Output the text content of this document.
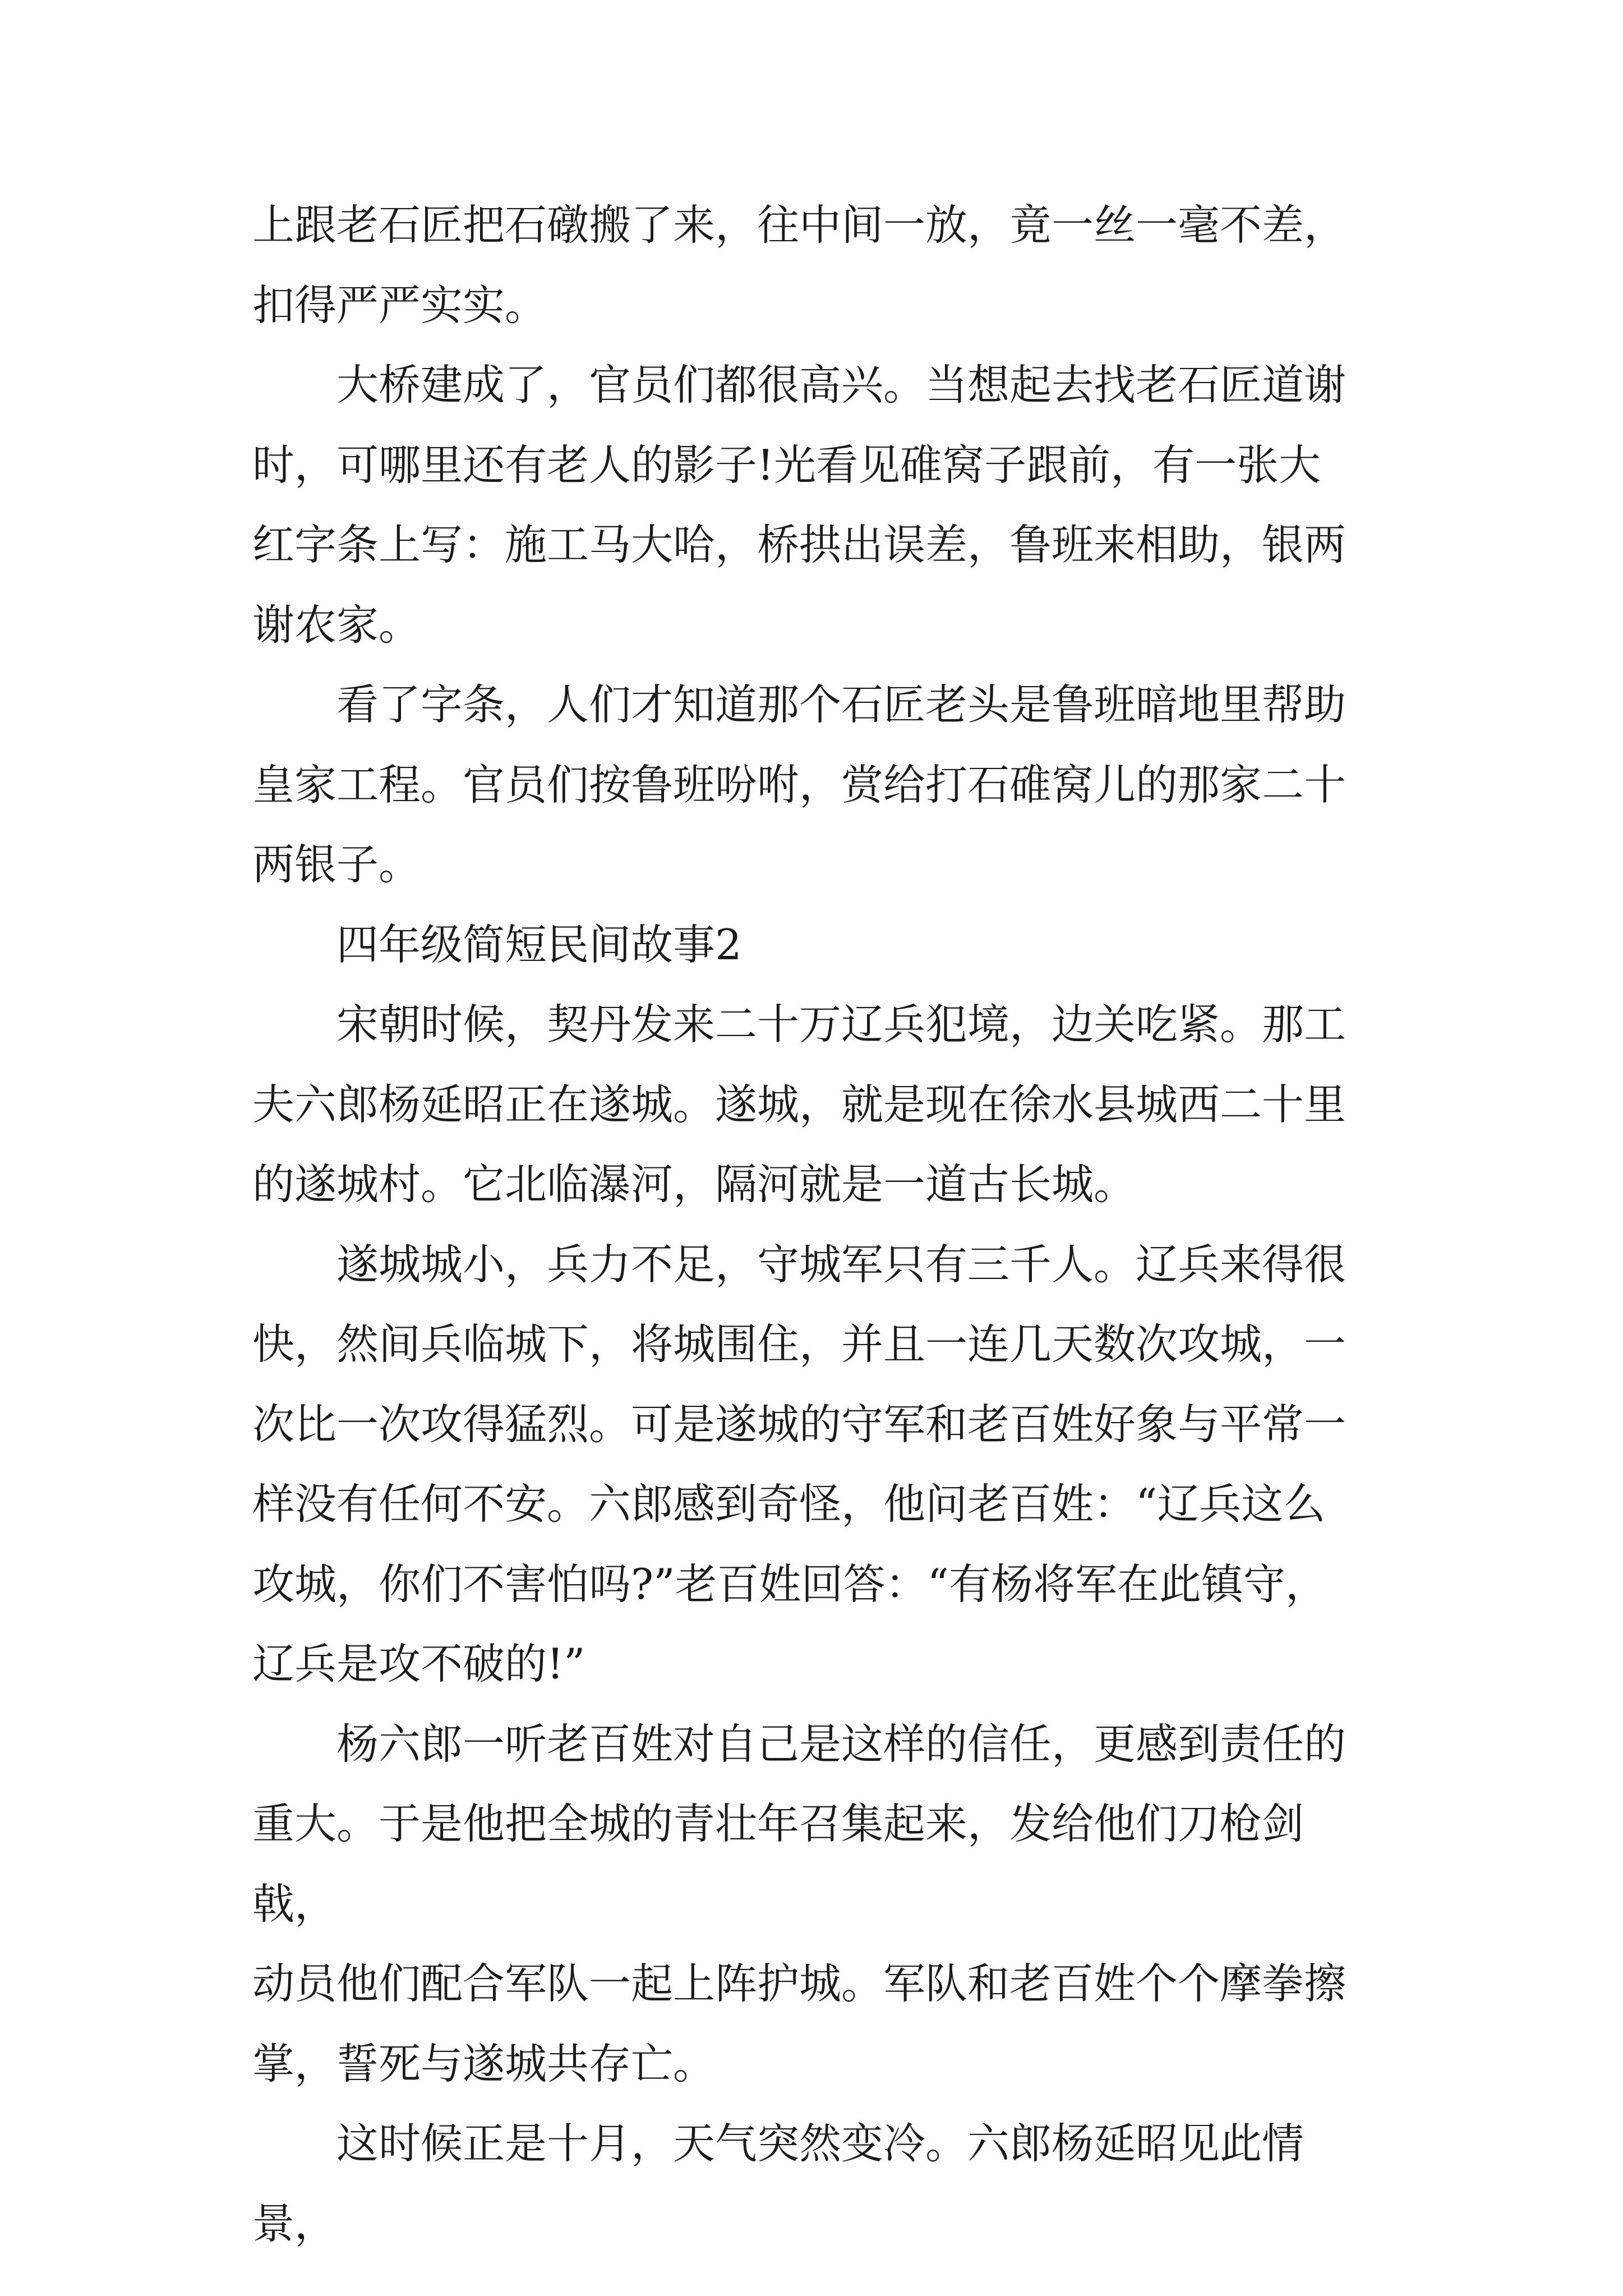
上跟老石匠把石礅搬了来，往中间一放，竟一丝一毫不差，
扣得严严实实。

　　大桥建成了，官员们都很高兴。当想起去找老石匠道谢
时，可哪里还有老人的影子!光看见碓窝子跟前，有一张大
红字条上写：施工马大哈，桥拱出误差，鲁班来相助，银两
谢农家。

　　看了字条，人们才知道那个石匠老头是鲁班暗地里帮助
皇家工程。官员们按鲁班吩咐，赏给打石碓窝儿的那家二十
两银子。

　　四年级简短民间故事2

　　宋朝时候，契丹发来二十万辽兵犯境，边关吃紧。那工
夫六郎杨延昭正在遂城。遂城，就是现在徐水县城西二十里
的遂城村。它北临瀑河，隔河就是一道古长城。

　　遂城城小，兵力不足，守城军只有三千人。辽兵来得很
快，然间兵临城下，将城围住，并且一连几天数次攻城，一
次比一次攻得猛烈。可是遂城的守军和老百姓好象与平常一
样没有任何不安。六郎感到奇怪，他问老百姓：“辽兵这么
攻城，你们不害怕吗?”老百姓回答：“有杨将军在此镇守，
辽兵是攻不破的!”

　　杨六郎一听老百姓对自己是这样的信任，更感到责任的
重大。于是他把全城的青壮年召集起来，发给他们刀枪剑戟，
动员他们配合军队一起上阵护城。军队和老百姓个个摩拳擦
掌，誓死与遂城共存亡。

　　这时候正是十月，天气突然变冷。六郎杨延昭见此情景，
